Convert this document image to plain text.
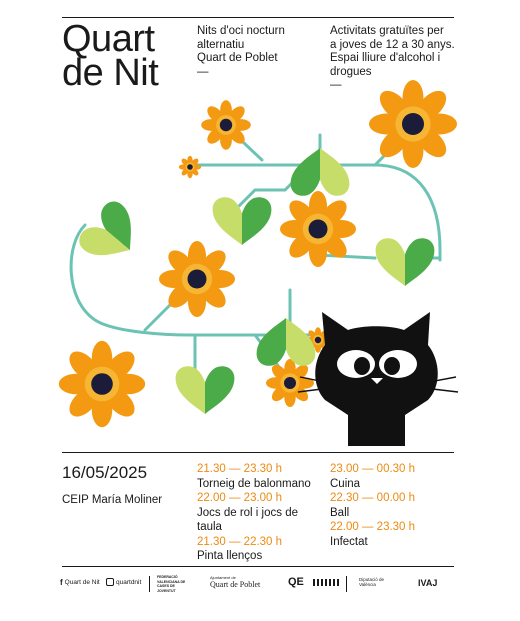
Quart
de Nit
Nits d'oci nocturn
alternatiu
Quart de Poblet
—
Activitats gratuïtes per
a joves de 12 a 30 anys.
Espai lliure d'alcohol i
drogues
—
16/05/2025
CEIP María Moliner
21.30 — 23.30 h
Torneig de balonmano
22.00 — 23.00 h
Jocs de rol i jocs de taula
21.30 — 22.30 h
Pinta llenços
23.00 — 00.30 h
Cuina
22.30 — 00.00 h
Ball
22.00 — 23.30 h
Infectat
f Quart de Nit	quartdnit
FEDERACIÓ VALENCIANA DE CASES DE JOVENTUT
Ajuntament de
Quart de Poblet	QE	Diputació de València	IVAJ
